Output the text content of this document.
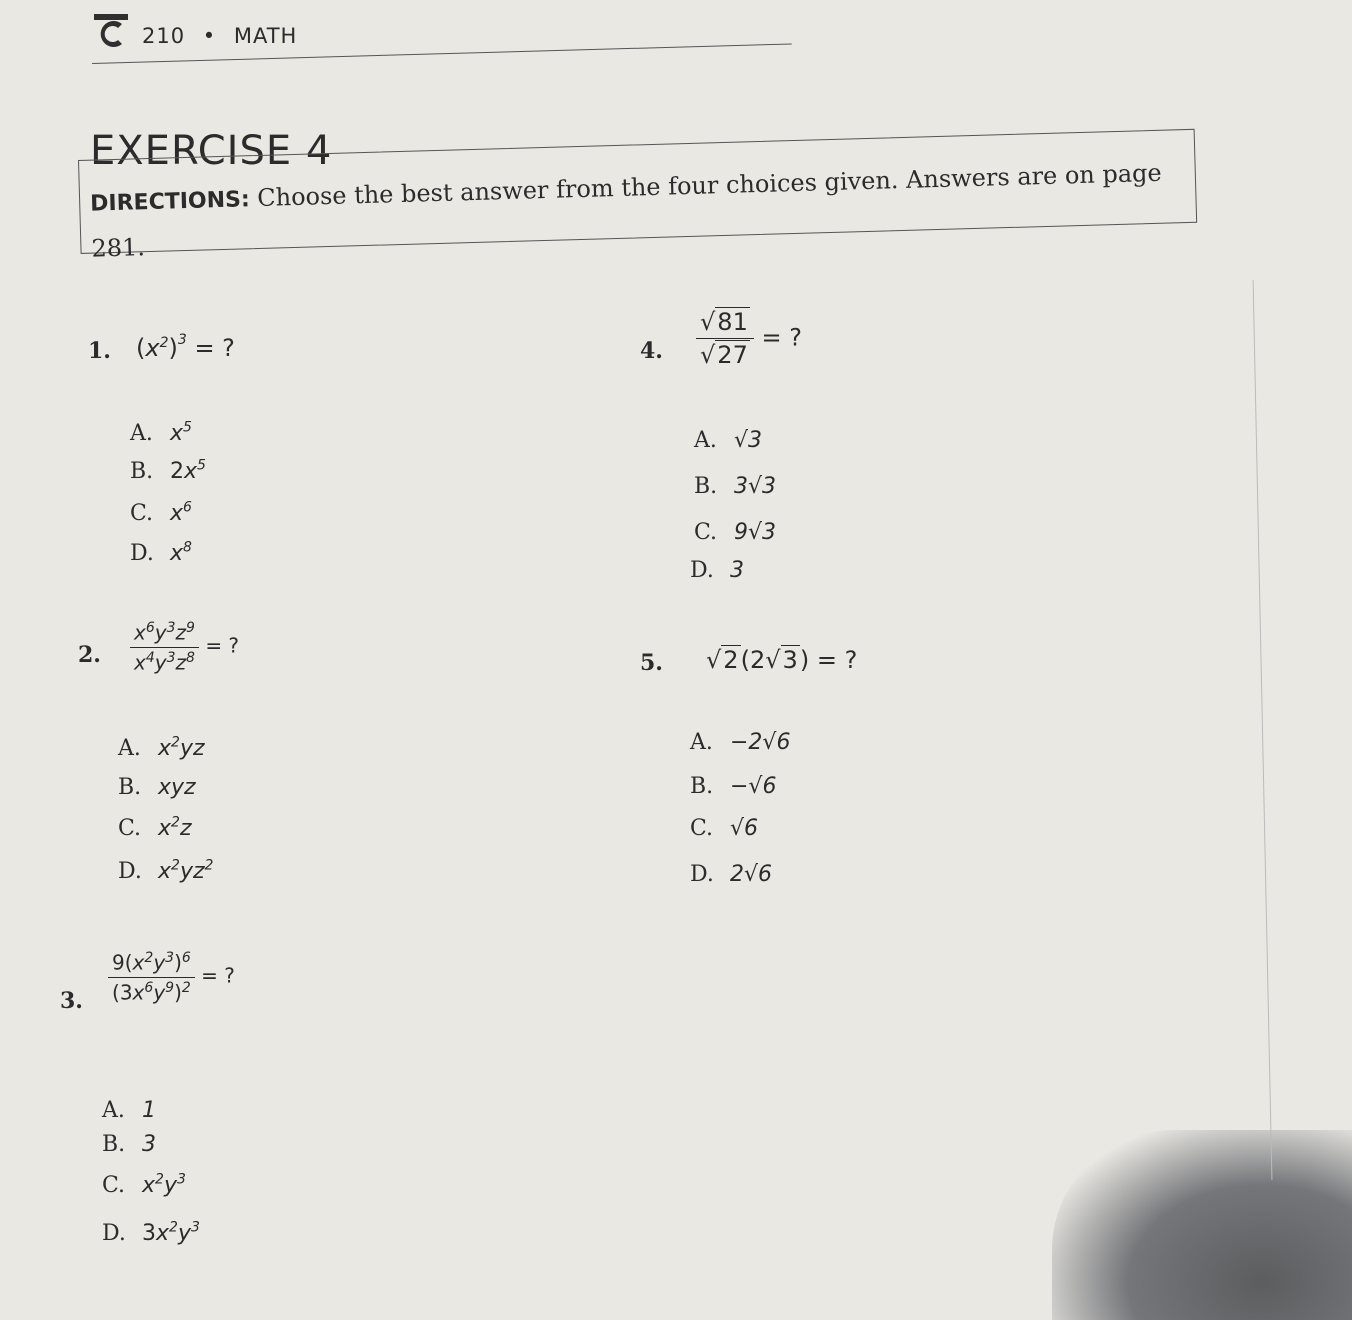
210 • MATH
EXERCISE 4
DIRECTIONS: Choose the best answer from the four choices given. Answers are on page 281.
1. $(x^2)^3$ = ?
A. $x^5$
B. $2x^5$
C. $x^6$
D. $x^8$
2. $\frac{x^6y^3z^9}{x^4y^3z^8}$ = ?
A. $x^2yz$
B. xyz
C. $x^2z$
D. $x^2yz^2$
3. $\frac{9(x^2y^3)^6}{(3x^6y^9)^2}$ = ?
A. 1
B. 3
C. $x^2y^3$
D. $3x^2y^3$
4. $\frac{√81}{√27}$ = ?
A. √3
B. 3√3
C. 9√3
D. 3
5. √2(2√3) = ?
A. −2√6
B. −√6
C. √6
D. 2√6
